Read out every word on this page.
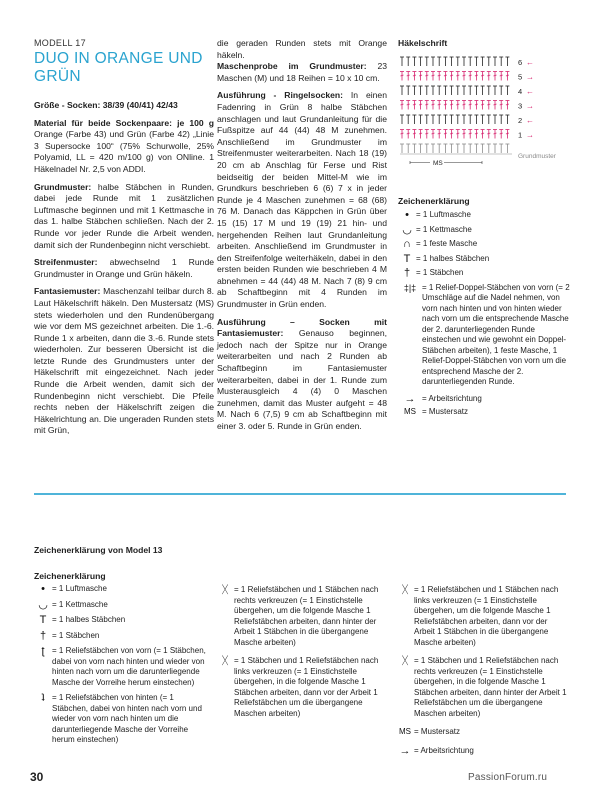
MODELL 17
DUO IN ORANGE UND GRÜN

Größe - Socken: 38/39 (40/41) 42/43

Material für beide Sockenpaare: je 100 g Orange (Farbe 43) und Grün (Farbe 42) „Linie 3 Supersocke 100“ (75% Schurwolle, 25% Polyamid, LL = 420 m/100 g) von ONline. 1 Häkelnadel Nr. 2,5 von ADDI.

Grundmuster: halbe Stäbchen in Runden, dabei jede Runde mit 1 zusätzlichen Luftmasche beginnen und mit 1 Kettmasche in das 1. halbe Stäbchen schließen. Nach der 2. Runde vor jeder Runde die Arbeit wenden, damit sich der Rundenbeginn nicht verschiebt.

Streifenmuster: abwechselnd 1 Runde Grundmuster in Orange und Grün häkeln.

Fantasiemuster: Maschenzahl teilbar durch 8. Laut Häkelschrift häkeln. Den Mustersatz (MS) stets wiederholen und den Rundenübergang wie vor dem MS gezeichnet arbeiten. Die 1.-6. Runde 1 x arbeiten, dann die 3.-6. Runde stets wiederholen. Zur besseren Übersicht ist die letzte Runde des Grundmusters unter der Häkelschrift mit eingezeichnet. Nach jeder Runde die Arbeit wenden, damit sich der Rundenbeginn nicht verschiebt. Die Pfeile rechts neben der Häkelschrift zeigen die Häkelrichtung an. Die ungeraden Runden stets mit Grün,

die geraden Runden stets mit Orange häkeln.
Maschenprobe im Grundmuster: 23 Maschen (M) und 18 Reihen = 10 x 10 cm.

Ausführung - Ringelsocken: In einen Fadenring in Grün 8 halbe Stäbchen anschlagen und laut Grundanleitung für die Fußspitze auf 44 (44) 48 M zunehmen. Anschließend im Grundmuster im Streifenmuster weiterarbeiten. Nach 18 (19) 20 cm ab Anschlag für Ferse und Rist beidseitig der beiden Mittel-M wie im Grundkurs beschrieben 6 (6) 7 x in jeder Runde je 4 Maschen zunehmen = 68 (68) 76 M. Danach das Käppchen in Grün über 15 (15) 17 M und 19 (19) 21 hin- und hergehenden Reihen laut Grundanleitung arbeiten. Anschließend im Grundmuster in den Streifenfolge weiterhäkeln, dabei in den ersten beiden Runden wie beschrieben 4 M abnehmen = 44 (44) 48 M. Nach 7 (8) 9 cm ab Schaftbeginn mit 4 Runden im Grundmuster in Grün enden.

Ausführung – Socken mit Fantasiemuster: Genauso beginnen, jedoch nach der Spitze nur in Orange weiterarbeiten und nach 2 Runden ab Schaftbeginn im Fantasiemuster weiterarbeiten, dabei in der 1. Runde zum Musterausgleich 4 (4) 0 Maschen zunehmen, damit das Muster aufgeht = 48 M. Nach 6 (7,5) 9 cm ab Schaftbeginn mit einer 3. oder 5. Runde in Grün enden.

Häkelschrift
6 ←
5 →
4 ←
3 →
2 ←
1 →
Grundmuster
MS
Zeichenerklärung
• = 1 Luftmasche
◡ = 1 Kettmasche
∩ = 1 feste Masche
T = 1 halbes Stäbchen
† = 1 Stäbchen
‡|‡ = 1 Relief-Doppel-Stäbchen von vorn (= 2 Umschläge auf die Nadel nehmen, von vorn nach hinten und von hinten wieder nach vorn um die entsprechende Masche der 2. darunterliegenden Runde einstechen und wie gewohnt ein Doppel-Stäbchen arbeiten), 1 feste Masche, 1 Relief-Doppel-Stäbchen von vorn um die entsprechend Masche der 2. darunterliegenden Runde.
→ = Arbeitsrichtung
MS = Mustersatz
Zeichenerklärung von Model 13
Zeichenerklärung
• = 1 Luftmasche
◡ = 1 Kettmasche
T = 1 halbes Stäbchen
† = 1 Stäbchen
ʈ = 1 Reliefstäbchen von vorn (= 1 Stäbchen, dabei von vorn nach hinten und wieder von hinten nach vorn um die darunterliegende Masche der Vorreihe herum einstechen)
ʇ = 1 Reliefstäbchen von hinten (= 1 Stäbchen, dabei von hinten nach vorn und wieder von vorn nach hinten um die darunterliegende Masche der Vorreihe herum einstechen)
ᚷ = 1 Reliefstäbchen und 1 Stäbchen nach rechts verkreuzen (= 1 Einstichstelle übergehen, um die folgende Masche 1 Reliefstäbchen arbeiten, dann hinter der Arbeit 1 Stäbchen in die übergangene Masche arbeiten)
ᚷ = 1 Stäbchen und 1 Reliefstäbchen nach links verkreuzen (= 1 Einstichstelle übergehen, in die folgende Masche 1 Stäbchen arbeiten, dann vor der Arbeit 1 Reliefstäbchen um die übergangene Maschen arbeiten)
ᚷ = 1 Reliefstäbchen und 1 Stäbchen nach links verkreuzen (= 1 Einstichstelle übergehen, um die folgende Masche 1 Reliefstäbchen arbeiten, dann vor der Arbeit 1 Stäbchen in die übergangene Masche arbeiten)
ᚷ = 1 Stäbchen und 1 Reliefstäbchen nach rechts verkreuzen (= 1 Einstichstelle übergehen, in die folgende Masche 1 Stäbchen arbeiten, dann hinter der Arbeit 1 Reliefstäbchen um die übergangene Maschen arbeiten)
MS = Mustersatz
→ = Arbeitsrichtung
30	PassionForum.ru
